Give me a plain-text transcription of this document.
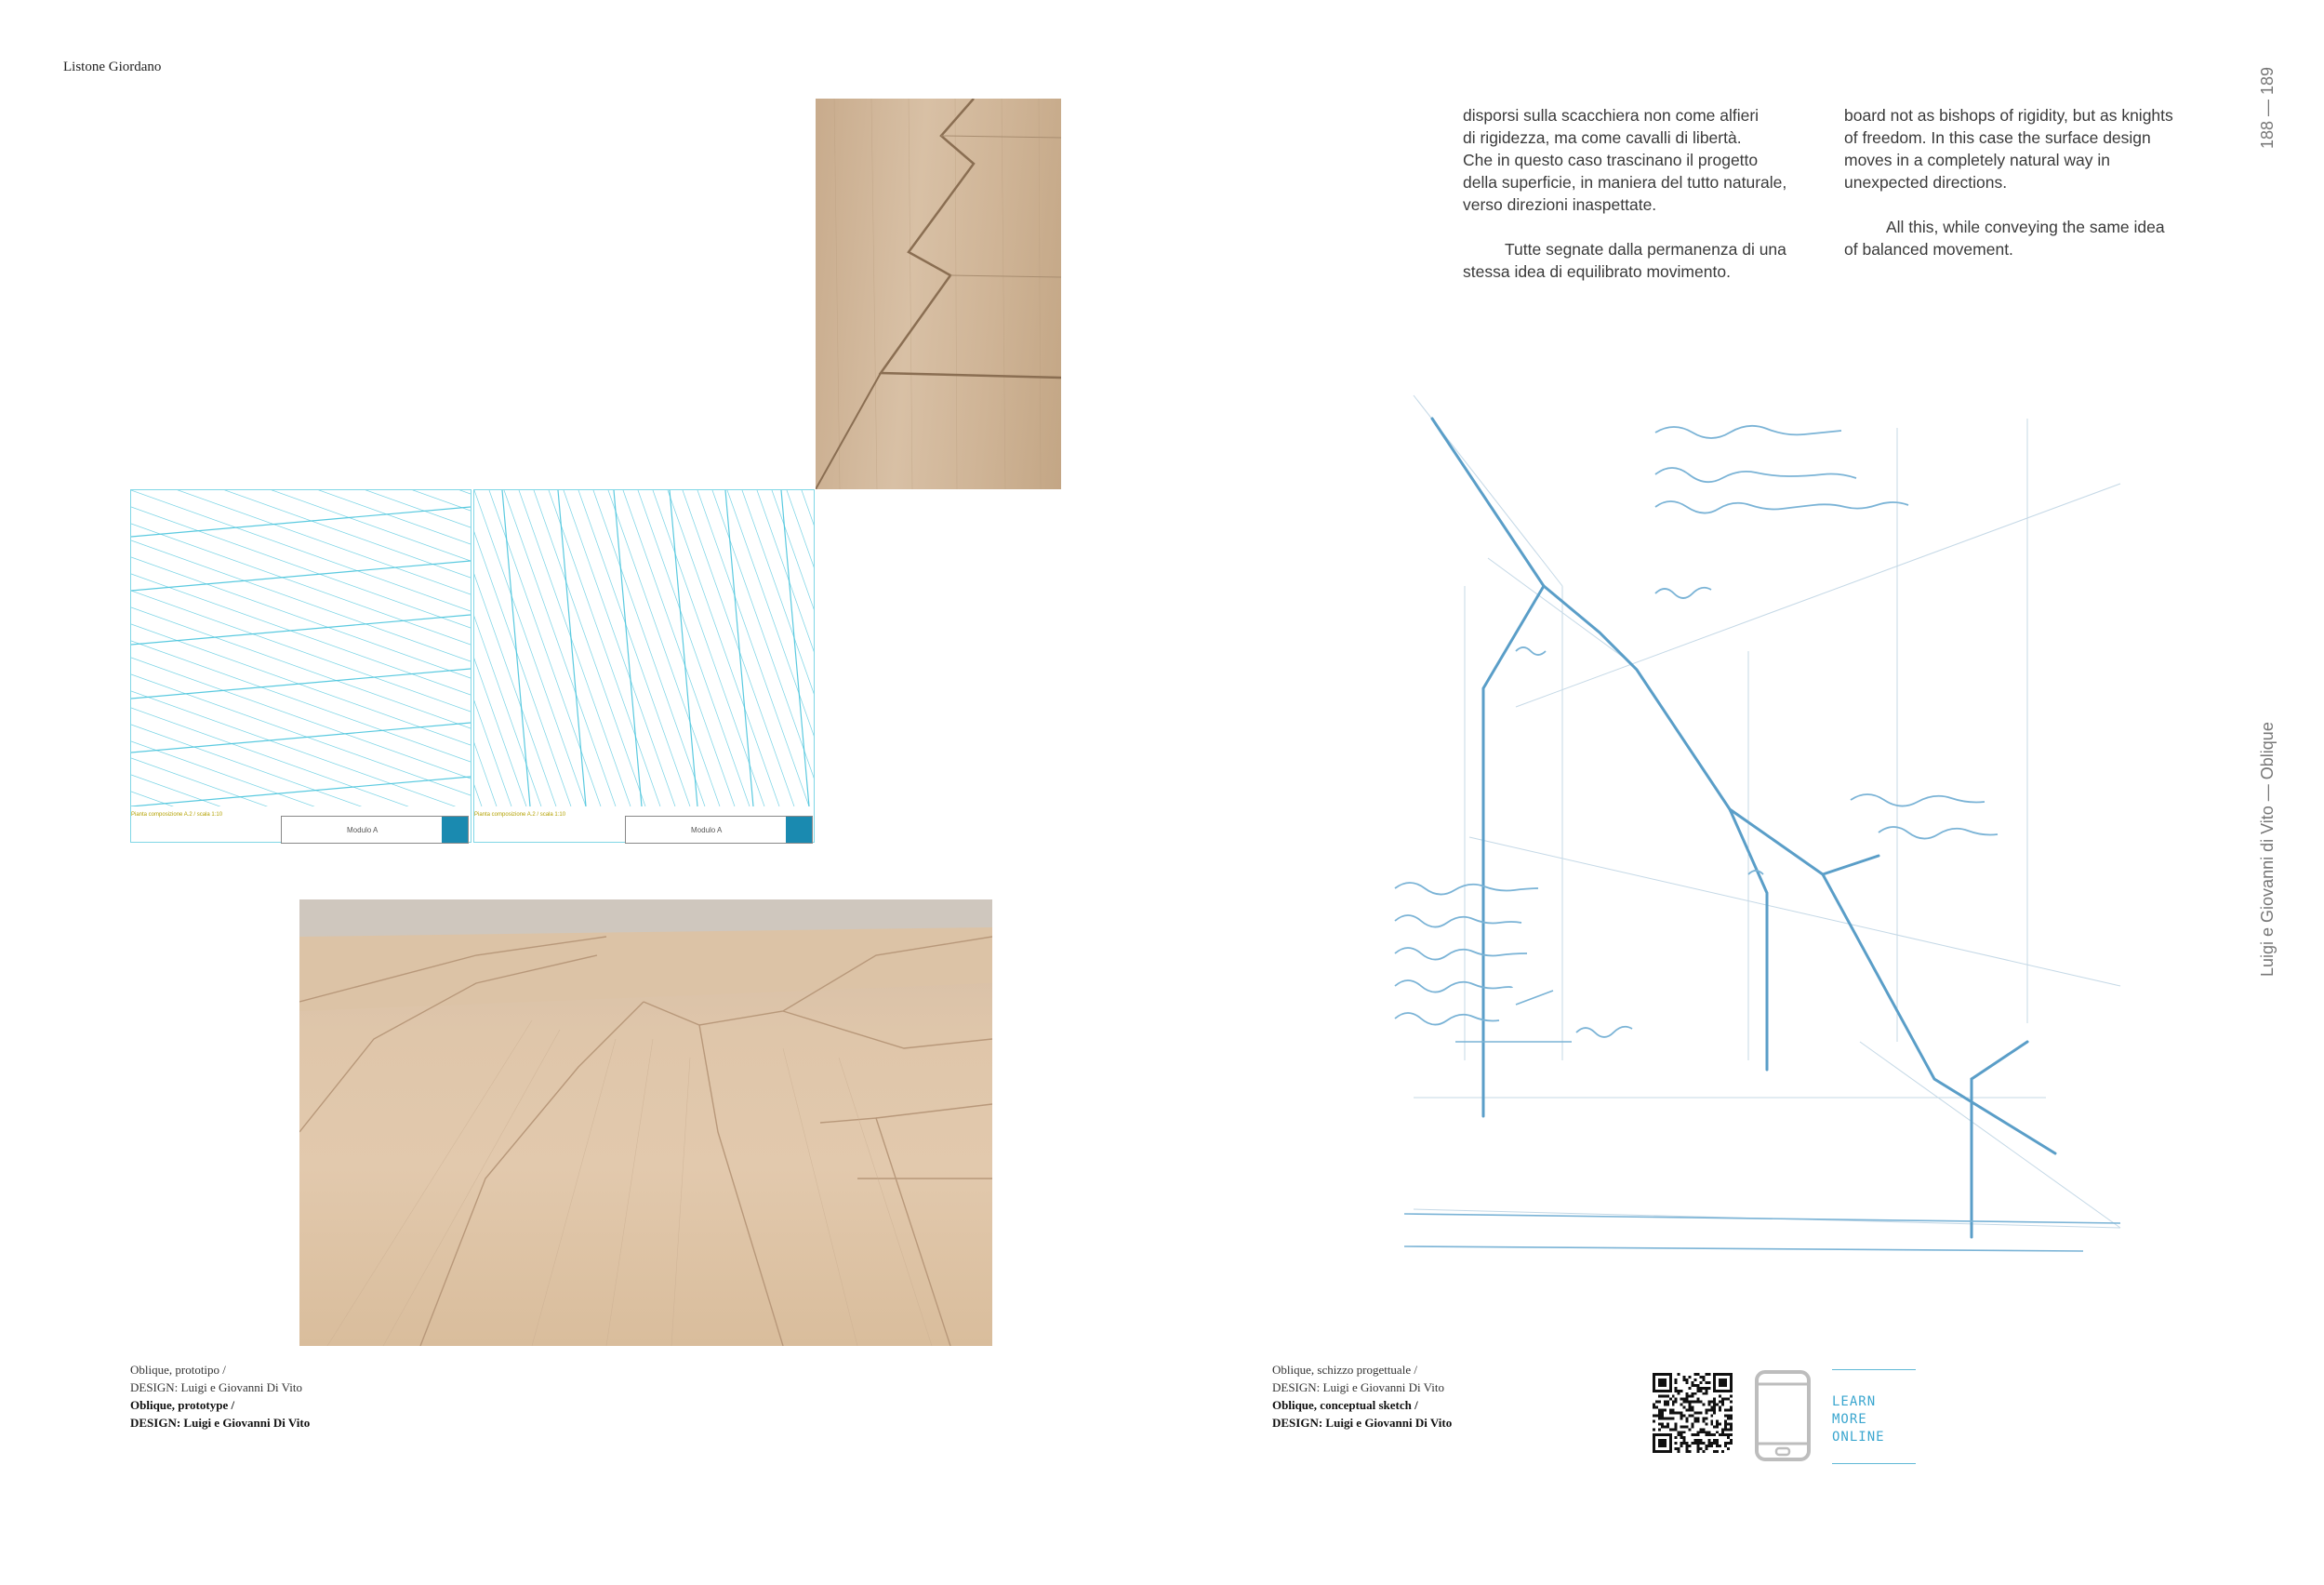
Listone Giordano	188 — 189
Luigi e Giovanni di Vito — Oblique
Pianta composizione A.2 / scala 1:10
Modulo A
Pianta composizione A.2 / scala 1:10
Modulo A

disporsi sulla scacchiera non come alfieri
di rigidezza, ma come cavalli di libertà.
Che in questo caso trascinano il progetto
della superficie, in maniera del tutto naturale,
verso direzioni inaspettate.

Tutte segnate dalla permanenza di una
stessa idea di equilibrato movimento.

board not as bishops of rigidity, but as knights
of freedom. In this case the surface design
moves in a completely natural way in
unexpected directions.

All this, while conveying the same idea
of balanced movement.

Oblique, prototipo /
DESIGN: Luigi e Giovanni Di Vito
Oblique, prototype /
DESIGN: Luigi e Giovanni Di Vito
Oblique, schizzo progettuale /
DESIGN: Luigi e Giovanni Di Vito
Oblique, conceptual sketch /
DESIGN: Luigi e Giovanni Di Vito
LEARN
MORE
ONLINE
